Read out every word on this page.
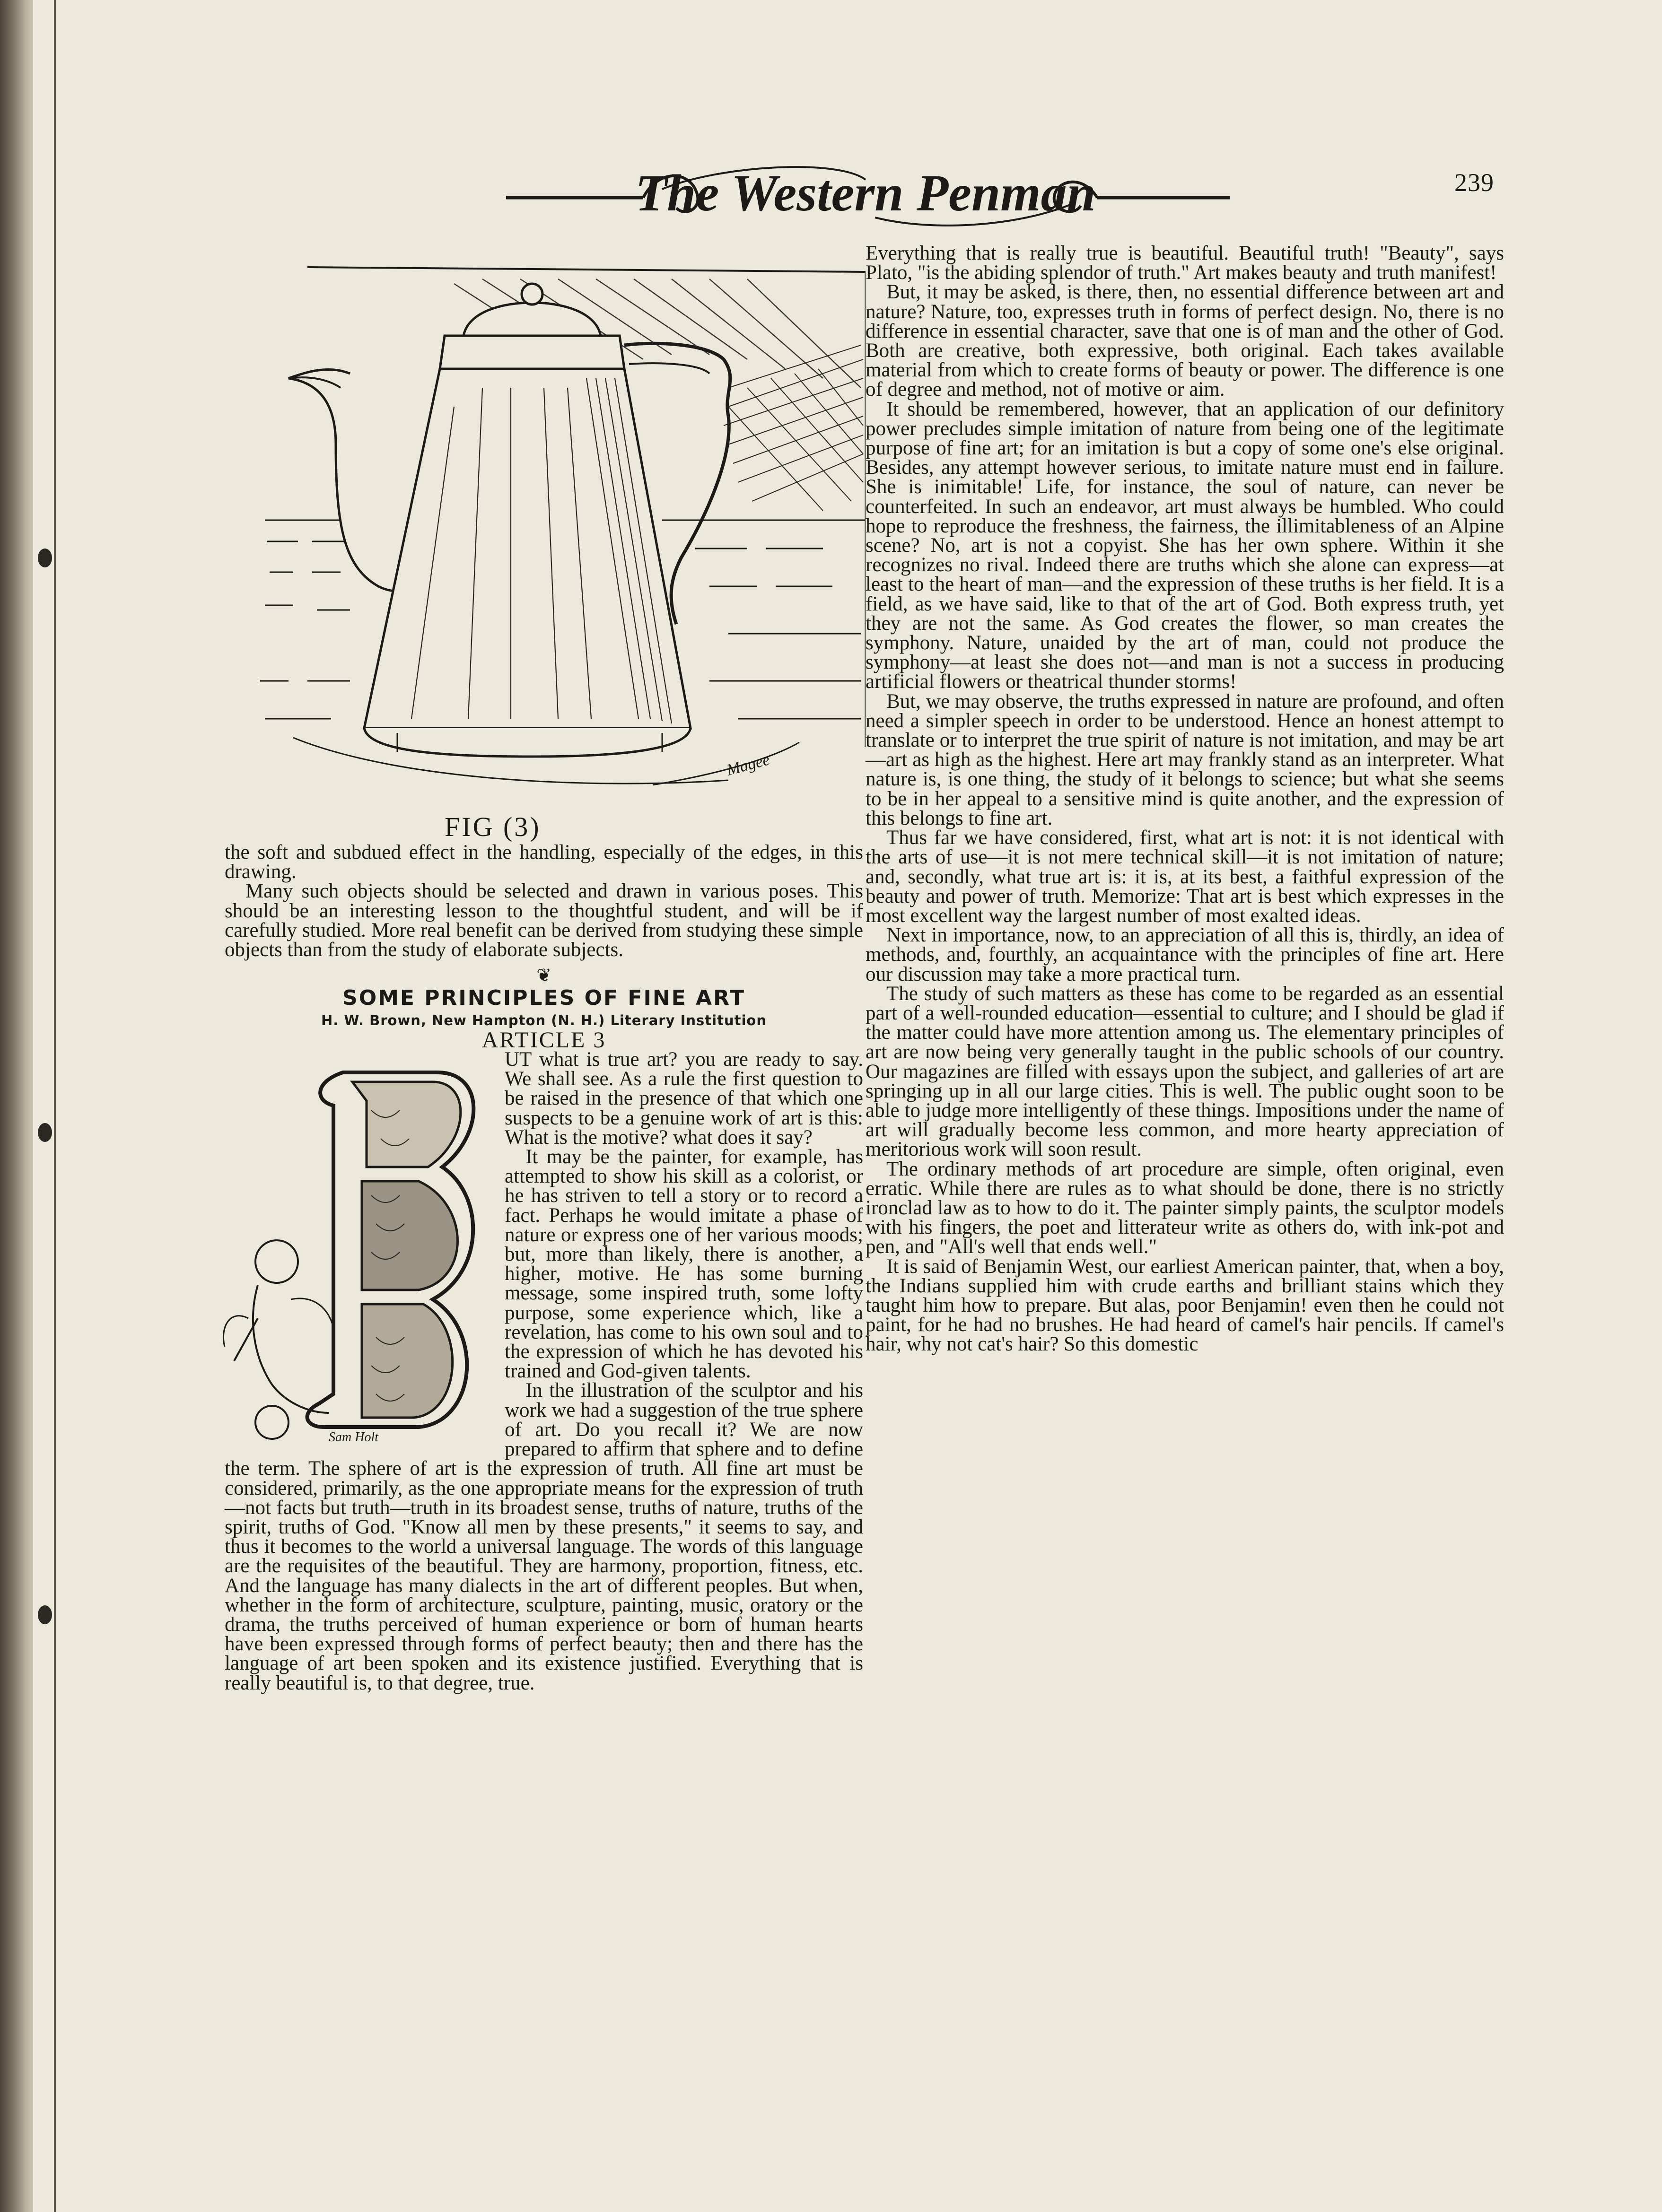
The Western Penman	239
Magee
FIG (3)

the soft and subdued effect in the handling, especially of the edges, in this drawing.

Many such objects should be selected and drawn in various poses. This should be an interesting lesson to the thoughtful student, and will be if carefully studied. More real benefit can be derived from studying these simple objects than from the study of elaborate subjects.

❦
SOME PRINCIPLES OF FINE ART
H. W. Brown, New Hampton (N. H.) Literary Institution
ARTICLE 3
Sam Holt

UT what is true art? you are ready to say. We shall see. As a rule the first question to be raised in the presence of that which one suspects to be a genuine work of art is this: What is the motive? what does it say?

It may be the painter, for example, has attempted to show his skill as a colorist, or he has striven to tell a story or to record a fact. Perhaps he would imitate a phase of nature or express one of her various moods; but, more than likely, there is another, a higher, motive. He has some burning message, some inspired truth, some lofty purpose, some experience which, like a revelation, has come to his own soul and to the expression of which he has devoted his trained and God-given talents.

In the illustration of the sculptor and his work we had a suggestion of the true sphere of art. Do you recall it? We are now prepared to affirm that sphere and to define the term. The sphere of art is the expression of truth. All fine art must be considered, primarily, as the one appropriate means for the expression of truth—not facts but truth—truth in its broadest sense, truths of nature, truths of the spirit, truths of God. "Know all men by these presents," it seems to say, and thus it becomes to the world a universal language. The words of this language are the requisites of the beautiful. They are harmony, proportion, fitness, etc. And the language has many dialects in the art of different peoples. But when, whether in the form of architecture, sculpture, painting, music, oratory or the drama, the truths perceived of human experience or born of human hearts have been expressed through forms of perfect beauty; then and there has the language of art been spoken and its existence justified. Everything that is really beautiful is, to that degree, true.

Everything that is really true is beautiful. Beautiful truth! "Beauty", says Plato, "is the abiding splendor of truth." Art makes beauty and truth manifest!

But, it may be asked, is there, then, no essential difference between art and nature? Nature, too, expresses truth in forms of perfect design. No, there is no difference in essential character, save that one is of man and the other of God. Both are creative, both expressive, both original. Each takes available material from which to create forms of beauty or power. The difference is one of degree and method, not of motive or aim.

It should be remembered, however, that an application of our definitory power precludes simple imitation of nature from being one of the legitimate purpose of fine art; for an imitation is but a copy of some one's else original. Besides, any attempt however serious, to imitate nature must end in failure. She is inimitable! Life, for instance, the soul of nature, can never be counterfeited. In such an endeavor, art must always be humbled. Who could hope to reproduce the freshness, the fairness, the illimitableness of an Alpine scene? No, art is not a copyist. She has her own sphere. Within it she recognizes no rival. Indeed there are truths which she alone can express—at least to the heart of man—and the expression of these truths is her field. It is a field, as we have said, like to that of the art of God. Both express truth, yet they are not the same. As God creates the flower, so man creates the symphony. Nature, unaided by the art of man, could not produce the symphony—at least she does not—and man is not a success in producing artificial flowers or theatrical thunder storms!

But, we may observe, the truths expressed in nature are profound, and often need a simpler speech in order to be understood. Hence an honest attempt to translate or to interpret the true spirit of nature is not imitation, and may be art—art as high as the highest. Here art may frankly stand as an interpreter. What nature is, is one thing, the study of it belongs to science; but what she seems to be in her appeal to a sensitive mind is quite another, and the expression of this belongs to fine art.

Thus far we have considered, first, what art is not: it is not identical with the arts of use—it is not mere technical skill—it is not imitation of nature; and, secondly, what true art is: it is, at its best, a faithful expression of the beauty and power of truth. Memorize: That art is best which expresses in the most excellent way the largest number of most exalted ideas.

Next in importance, now, to an appreciation of all this is, thirdly, an idea of methods, and, fourthly, an acquaintance with the principles of fine art. Here our discussion may take a more practical turn.

The study of such matters as these has come to be regarded as an essential part of a well-rounded education—essential to culture; and I should be glad if the matter could have more attention among us. The elementary principles of art are now being very generally taught in the public schools of our country. Our magazines are filled with essays upon the subject, and galleries of art are springing up in all our large cities. This is well. The public ought soon to be able to judge more intelligently of these things. Impositions under the name of art will gradually become less common, and more hearty appreciation of meritorious work will soon result.

The ordinary methods of art procedure are simple, often original, even erratic. While there are rules as to what should be done, there is no strictly ironclad law as to how to do it. The painter simply paints, the sculptor models with his fingers, the poet and litterateur write as others do, with ink-pot and pen, and "All's well that ends well."

It is said of Benjamin West, our earliest American painter, that, when a boy, the Indians supplied him with crude earths and brilliant stains which they taught him how to prepare. But alas, poor Benjamin! even then he could not paint, for he had no brushes. He had heard of camel's hair pencils. If camel's hair, why not cat's hair? So this domestic
